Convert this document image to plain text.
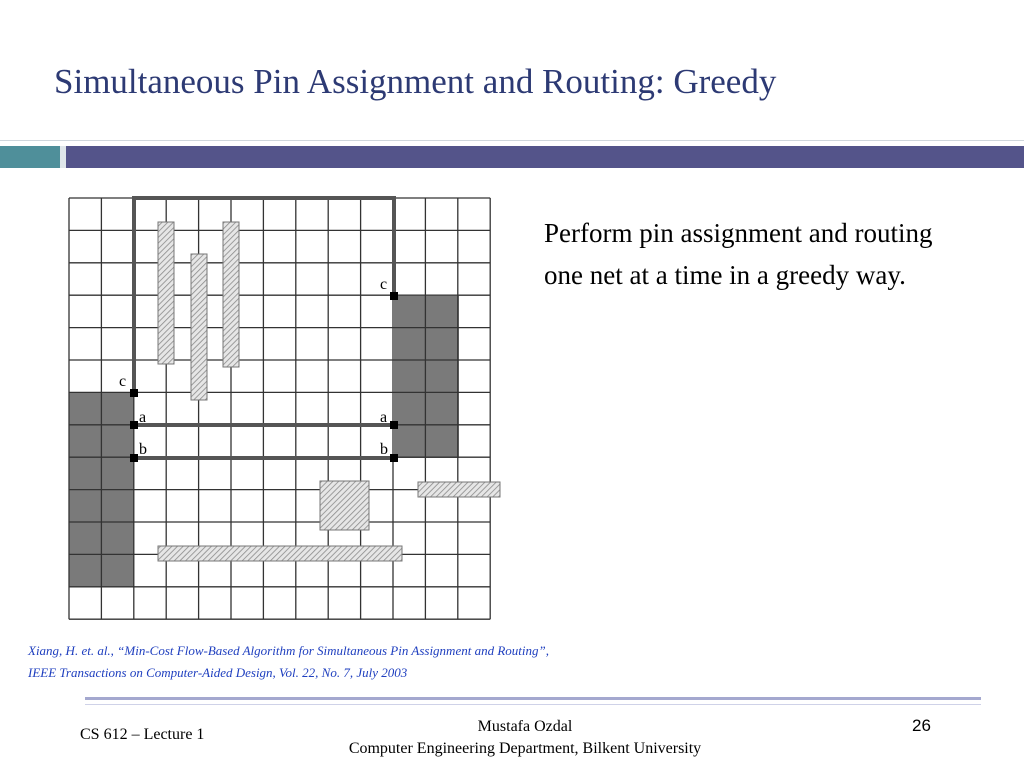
Simultaneous Pin Assignment and Routing: Greedy
c
c
a	a
b	b

Perform pin assignment and routing one net at a time in a greedy way.

Xiang, H. et. al., “Min-Cost Flow-Based Algorithm for Simultaneous Pin Assignment and Routing”,
IEEE Transactions on Computer-Aided Design, Vol. 22, No. 7, July 2003
CS 612 – Lecture 1	Mustafa Ozdal
Computer Engineering Department, Bilkent University
26
